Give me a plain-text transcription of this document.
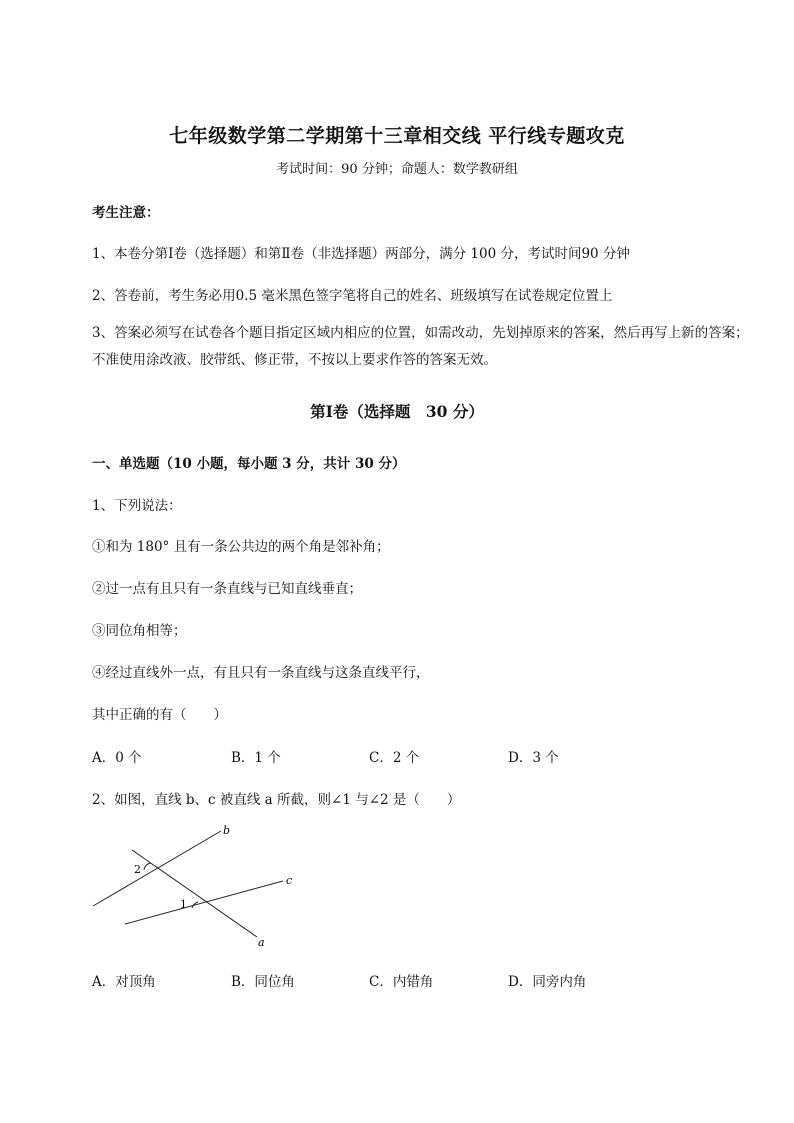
七年级数学第二学期第十三章相交线 平行线专题攻克
考试时间：90 分钟；命题人：数学教研组
考生注意：
1、本卷分第Ⅰ卷（选择题）和第Ⅱ卷（非选择题）两部分，满分 100 分，考试时间90 分钟
2、答卷前，考生务必用0.5 毫米黑色签字笔将自己的姓名、班级填写在试卷规定位置上
3、答案必须写在试卷各个题目指定区域内相应的位置，如需改动，先划掉原来的答案，然后再写上新的答案；不准使用涂改液、胶带纸、修正带，不按以上要求作答的答案无效。
第Ⅰ卷（选择题　30 分）
一、单选题（10 小题，每小题 3 分，共计 30 分）
1、下列说法：
①和为 180° 且有一条公共边的两个角是邻补角；
②过一点有且只有一条直线与已知直线垂直；
③同位角相等；
④经过直线外一点，有且只有一条直线与这条直线平行，
其中正确的有（　　）
A．0 个	B．1 个	C．2 个	D．3 个
2、如图，直线 b、c 被直线 a 所截，则∠1 与∠2 是（　　）
b
c
a
2
1
A．对顶角	B．同位角	C．内错角	D．同旁内角
